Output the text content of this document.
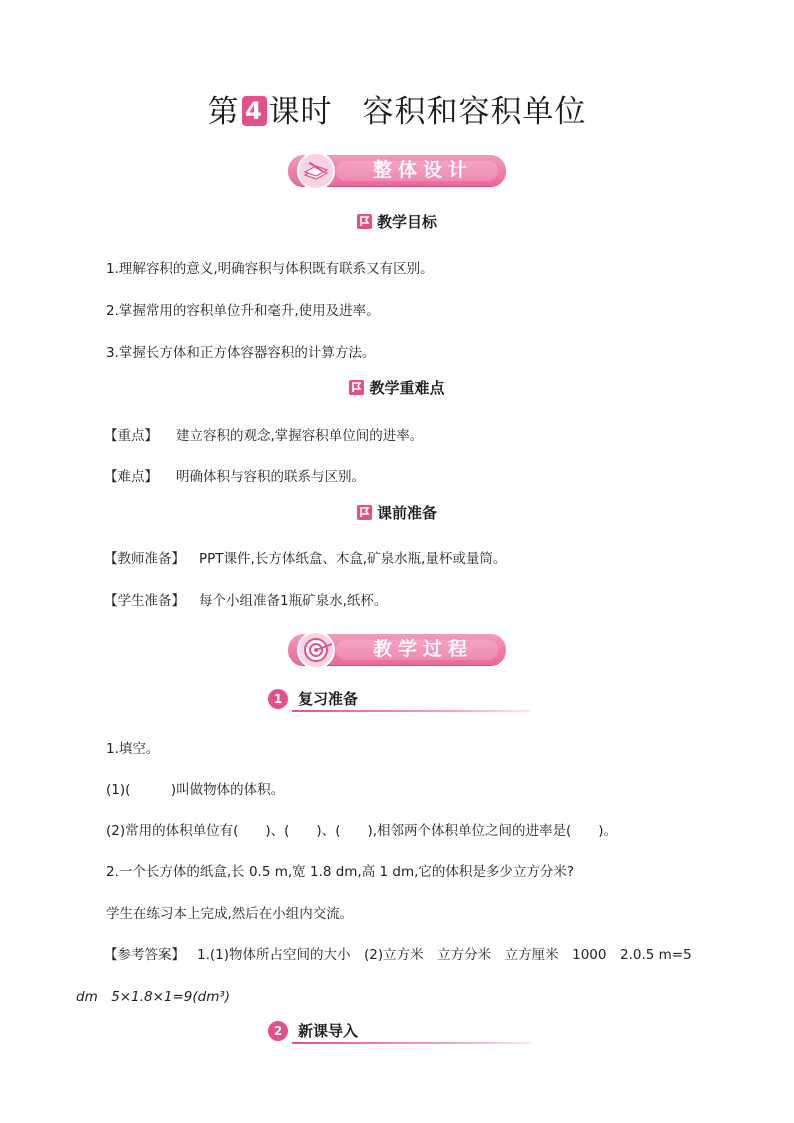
第 4 课时 容积和容积单位
整体设计
教学目标
1.理解容积的意义,明确容积与体积既有联系又有区别。
2.掌握常用的容积单位升和毫升,使用及进率。
3.掌握长方体和正方体容器容积的计算方法。
教学重难点
【重点】 建立容积的观念,掌握容积单位间的进率。
【难点】 明确体积与容积的联系与区别。
课前准备
【教师准备】 PPT课件,长方体纸盒、木盒,矿泉水瓶,量杯或量筒。
【学生准备】 每个小组准备1瓶矿泉水,纸杯。
教学过程
1	复习准备
1.填空。
(1)(　　　)叫做物体的体积。
(2)常用的体积单位有(　　)、(　　)、(　　),相邻两个体积单位之间的进率是(　　)。
2.一个长方体的纸盒,长 0.5 m,宽 1.8 dm,高 1 dm,它的体积是多少立方分米?
学生在练习本上完成,然后在小组内交流。
【参考答案】 1.(1)物体所占空间的大小　(2)立方米　立方分米　立方厘米　1000　2.0.5 m=5
dm　5×1.8×1=9(dm³)
2	新课导入
